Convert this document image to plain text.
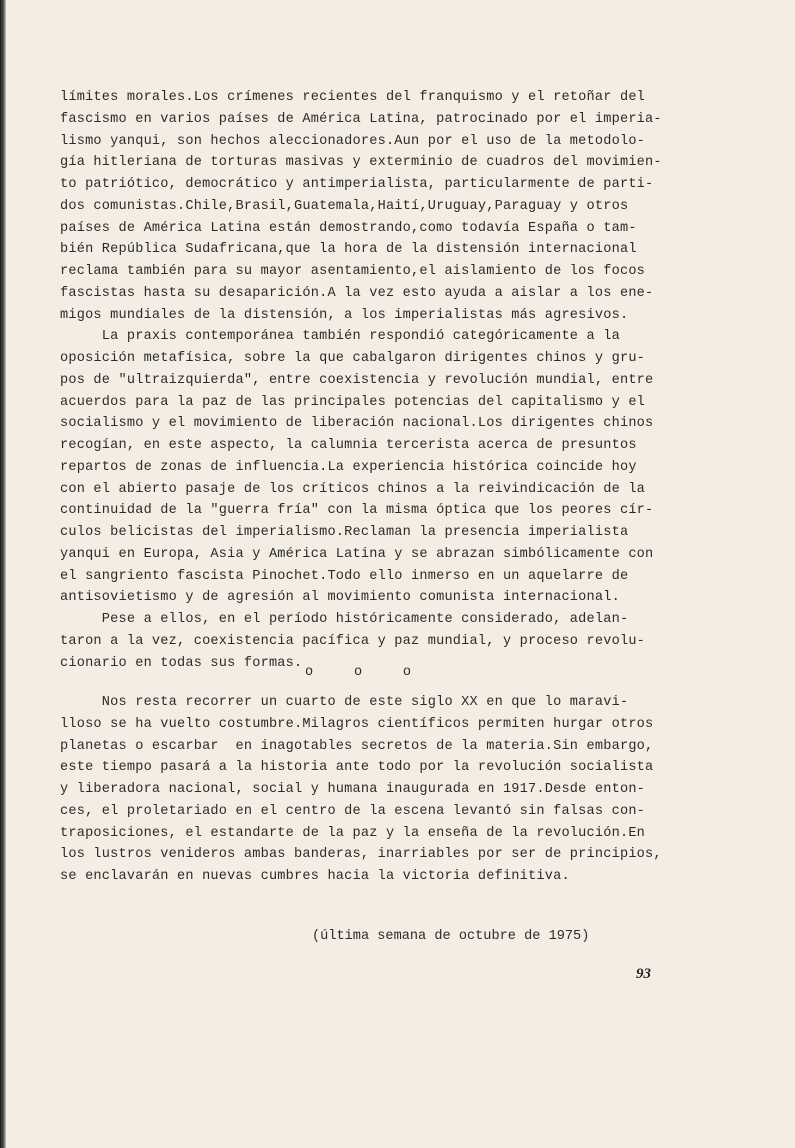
límites morales.Los crímenes recientes del franquismo y el retoñar del
fascismo en varios países de América Latina, patrocinado por el imperia-
lismo yanqui, son hechos aleccionadores.Aun por el uso de la metodolo-
gía hitleriana de torturas masivas y exterminio de cuadros del movimien-
to patriótico, democrático y antimperialista, particularmente de parti-
dos comunistas.Chile,Brasil,Guatemala,Haití,Uruguay,Paraguay y otros
países de América Latina están demostrando,como todavía España o tam-
bién República Sudafricana,que la hora de la distensión internacional
reclama también para su mayor asentamiento,el aislamiento de los focos
fascistas hasta su desaparición.A la vez esto ayuda a aislar a los ene-
migos mundiales de la distensión, a los imperialistas más agresivos.
La praxis contemporánea también respondió categóricamente a la
oposición metafísica, sobre la que cabalgaron dirigentes chinos y gru-
pos de "ultraizquierda", entre coexistencia y revolución mundial, entre
acuerdos para la paz de las principales potencias del capitalismo y el
socialismo y el movimiento de liberación nacional.Los dirigentes chinos
recogían, en este aspecto, la calumnia tercerista acerca de presuntos
repartos de zonas de influencia.La experiencia histórica coincide hoy
con el abierto pasaje de los críticos chinos a la reivindicación de la
continuidad de la "guerra fría" con la misma óptica que los peores cír-
culos belicistas del imperialismo.Reclaman la presencia imperialista
yanqui en Europa, Asia y América Latina y se abrazan simbólicamente con
el sangriento fascista Pinochet.Todo ello inmerso en un aquelarre de
antisovietismo y de agresión al movimiento comunista internacional.
Pese a ellos, en el período históricamente considerado, adelan-
taron a la vez, coexistencia pacífica y paz mundial, y proceso revolu-
cionario en todas sus formas.
o     o     o
Nos resta recorrer un cuarto de este siglo XX en que lo maravi-
lloso se ha vuelto costumbre.Milagros científicos permiten hurgar otros
planetas o escarbar  en inagotables secretos de la materia.Sin embargo,
este tiempo pasará a la historia ante todo por la revolución socialista
y liberadora nacional, social y humana inaugurada en 1917.Desde enton-
ces, el proletariado en el centro de la escena levantó sin falsas con-
traposiciones, el estandarte de la paz y la enseña de la revolución.En
los lustros venideros ambas banderas, inarriables por ser de principios,
se enclavarán en nuevas cumbres hacia la victoria definitiva.
(última semana de octubre de 1975)
93
